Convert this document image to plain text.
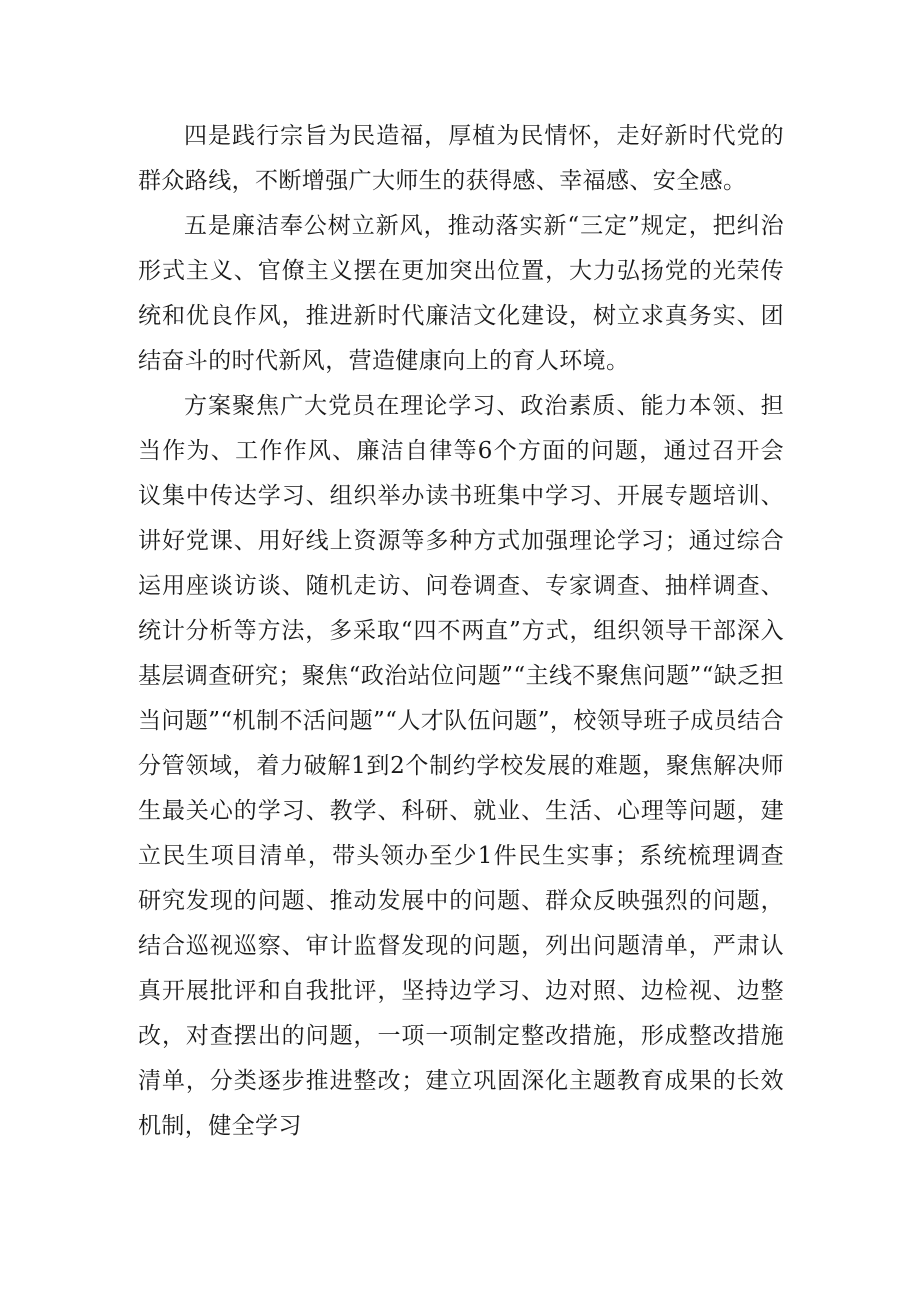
四是践行宗旨为民造福，厚植为民情怀，走好新时代党的群众路线，不断增强广大师生的获得感、幸福感、安全感。

五是廉洁奉公树立新风，推动落实新“三定”规定，把纠治形式主义、官僚主义摆在更加突出位置，大力弘扬党的光荣传统和优良作风，推进新时代廉洁文化建设，树立求真务实、团结奋斗的时代新风，营造健康向上的育人环境。

方案聚焦广大党员在理论学习、政治素质、能力本领、担当作为、工作作风、廉洁自律等6个方面的问题，通过召开会议集中传达学习、组织举办读书班集中学习、开展专题培训、讲好党课、用好线上资源等多种方式加强理论学习；通过综合运用座谈访谈、随机走访、问卷调查、专家调查、抽样调查、统计分析等方法，多采取“四不两直”方式，组织领导干部深入基层调查研究；聚焦“政治站位问题”“主线不聚焦问题”“缺乏担当问题”“机制不活问题”“人才队伍问题”，校领导班子成员结合分管领域，着力破解1到2个制约学校发展的难题，聚焦解决师生最关心的学习、教学、科研、就业、生活、心理等问题，建立民生项目清单，带头领办至少1件民生实事；系统梳理调查研究发现的问题、推动发展中的问题、群众反映强烈的问题，结合巡视巡察、审计监督发现的问题，列出问题清单，严肃认真开展批评和自我批评，坚持边学习、边对照、边检视、边整改，对查摆出的问题，一项一项制定整改措施，形成整改措施清单，分类逐步推进整改；建立巩固深化主题教育成果的长效机制，健全学习
